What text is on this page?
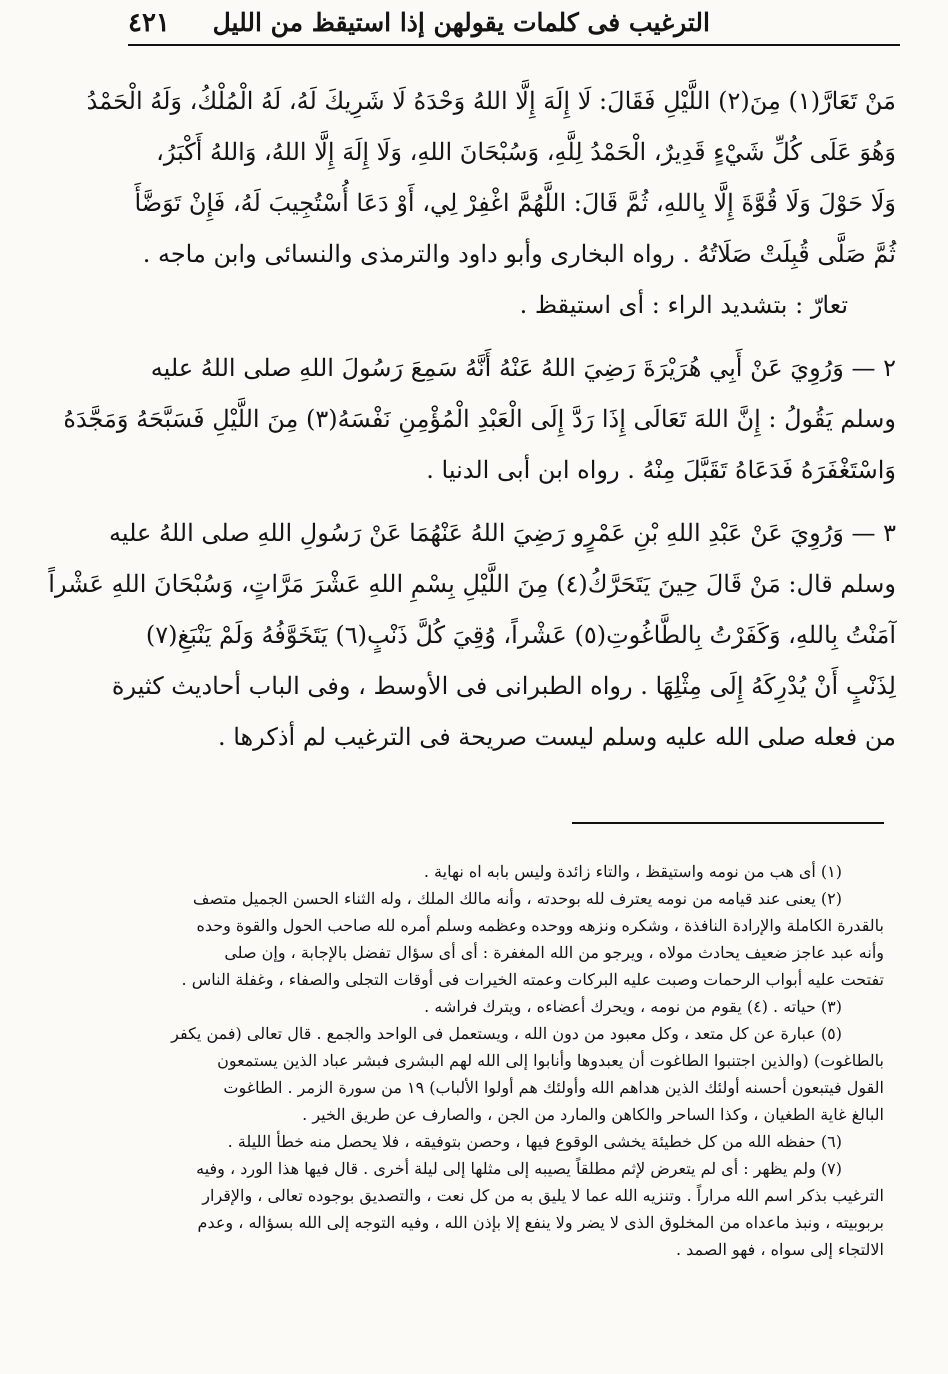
الترغيب فى كلمات يقولهن إذا استيقظ من الليل
٤٢١
مَنْ تَعَارَّ(١) مِنَ(٢) اللَّيْلِ فَقَالَ: لَا إِلَهَ إِلَّا اللهُ وَحْدَهُ لَا شَرِيكَ لَهُ، لَهُ الْمُلْكُ، وَلَهُ الْحَمْدُ
وَهُوَ عَلَى كُلِّ شَيْءٍ قَدِيرٌ، الْحَمْدُ لِلَّهِ، وَسُبْحَانَ اللهِ، وَلَا إِلَهَ إِلَّا اللهُ، وَاللهُ أَكْبَرُ،
وَلَا حَوْلَ وَلَا قُوَّةَ إِلَّا بِاللهِ، ثُمَّ قَالَ: اللَّهُمَّ اغْفِرْ لِي، أَوْ دَعَا أُسْتُجِيبَ لَهُ، فَإِنْ تَوَضَّأَ
ثُمَّ صَلَّى قُبِلَتْ صَلَاتُهُ . رواه البخارى وأبو داود والترمذى والنسائى وابن ماجه .
تعارّ : بتشديد الراء : أى استيقظ .
٢ — وَرُوِيَ عَنْ أَبِي هُرَيْرَةَ رَضِيَ اللهُ عَنْهُ أَنَّهُ سَمِعَ رَسُولَ اللهِ صلى اللهُ عليه
وسلم يَقُولُ : إِنَّ اللهَ تَعَالَى إِذَا رَدَّ إِلَى الْعَبْدِ الْمُؤْمِنِ نَفْسَهُ(٣) مِنَ اللَّيْلِ فَسَبَّحَهُ وَمَجَّدَهُ
وَاسْتَغْفَرَهُ فَدَعَاهُ تَقَبَّلَ مِنْهُ . رواه ابن أبى الدنيا .
٣ — وَرُوِيَ عَنْ عَبْدِ اللهِ بْنِ عَمْرٍو رَضِيَ اللهُ عَنْهُمَا عَنْ رَسُولِ اللهِ صلى اللهُ عليه
وسلم قال: مَنْ قَالَ حِينَ يَتَحَرَّكُ(٤) مِنَ اللَّيْلِ بِسْمِ اللهِ عَشْرَ مَرَّاتٍ، وَسُبْحَانَ اللهِ عَشْراً
آمَنْتُ بِاللهِ، وَكَفَرْتُ بِالطَّاغُوتِ(٥) عَشْراً، وُقِيَ كُلَّ ذَنْبٍ(٦) يَتَخَوَّفُهُ وَلَمْ يَنْبَغِ(٧)
لِذَنْبٍ أَنْ يُدْرِكَهُ إِلَى مِثْلِهَا . رواه الطبرانى فى الأوسط ، وفى الباب أحاديث كثيرة
من فعله صلى الله عليه وسلم ليست صريحة فى الترغيب لم أذكرها .
(١) أى هب من نومه واستيقظ ، والتاء زائدة وليس بابه اه نهاية .
(٢) يعنى عند قيامه من نومه يعترف لله بوحدته ، وأنه مالك الملك ، وله الثناء الحسن الجميل متصف
بالقدرة الكاملة والإرادة النافذة ، وشكره ونزهه ووحده وعظمه وسلم أمره لله صاحب الحول والقوة وحده
وأنه عبد عاجز ضعيف يحادث مولاه ، ويرجو من الله المغفرة : أى أى سؤال تفضل بالإجابة ، وإن صلى
تفتحت عليه أبواب الرحمات وصبت عليه البركات وعمته الخيرات فى أوقات التجلى والصفاء ، وغفلة الناس .
(٣) حياته . (٤) يقوم من نومه ، ويحرك أعضاءه ، ويترك فراشه .
(٥) عبارة عن كل متعد ، وكل معبود من دون الله ، ويستعمل فى الواحد والجمع . قال تعالى (فمن يكفر
بالطاغوت) (والذين اجتنبوا الطاغوت أن يعبدوها وأنابوا إلى الله لهم البشرى فبشر عباد الذين يستمعون
القول فيتبعون أحسنه أولئك الذين هداهم الله وأولئك هم أولوا الألباب) ١٩ من سورة الزمر . الطاغوت
البالغ غاية الطغيان ، وكذا الساحر والكاهن والمارد من الجن ، والصارف عن طريق الخير .
(٦) حفظه الله من كل خطيئة يخشى الوقوع فيها ، وحصن بتوفيقه ، فلا يحصل منه خطأ الليلة .
(٧) ولم يظهر : أى لم يتعرض لإثم مطلقاً يصيبه إلى مثلها إلى ليلة أخرى . قال فيها هذا الورد ، وفيه
الترغيب بذكر اسم الله مراراً . وتنزيه الله عما لا يليق به من كل نعت ، والتصديق بوجوده تعالى ، والإقرار
بربوبيته ، ونبذ ماعداه من المخلوق الذى لا يضر ولا ينفع إلا بإذن الله ، وفيه التوجه إلى الله بسؤاله ، وعدم
الالتجاء إلى سواه ، فهو الصمد .
